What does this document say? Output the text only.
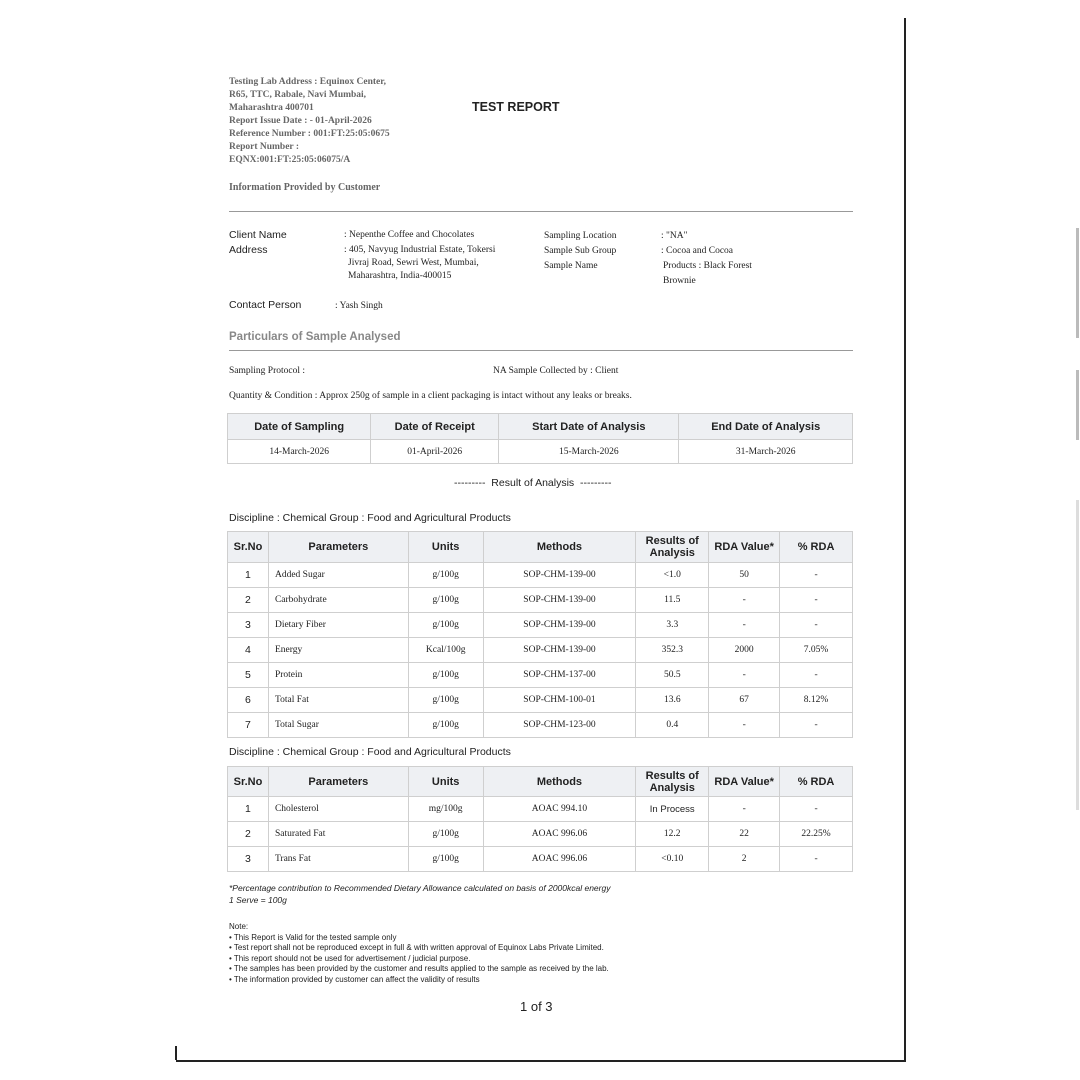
Testing Lab Address : Equinox Center,
R65, TTC, Rabale, Navi Mumbai,
Maharashtra 400701
Report Issue Date : - 01-April-2026
Reference Number : 001:FT:25:05:0675
Report Number :
EQNX:001:FT:25:05:06075/A
TEST REPORT
Information Provided by Customer
Client Name	: Nepenthe Coffee and Chocolates
Address	: 405, Navyug Industrial Estate, Tokersi
Jivraj Road, Sewri West, Mumbai,
Maharashtra, India-400015
Sampling Location	: "NA"
Sample Sub Group	: Cocoa and Cocoa
Sample Name	Products : Black Forest
Brownie
Contact Person	: Yash Singh
Particulars of Sample Analysed
Sampling Protocol :	NA Sample Collected by : Client
Quantity & Condition : Approx 250g of sample in a client packaging is intact without any leaks or breaks.
Date of Sampling	Date of Receipt	Start Date of Analysis	End Date of Analysis
14-March-2026	01-April-2026	15-March-2026	31-March-2026
---------  Result of Analysis  ---------
Discipline : Chemical Group : Food and Agricultural Products
Sr.No	Parameters	Units	Methods	Results of Analysis	RDA Value*	% RDA
1	Added Sugar	g/100g	SOP-CHM-139-00	<1.0	50	-
2	Carbohydrate	g/100g	SOP-CHM-139-00	11.5	-	-
3	Dietary Fiber	g/100g	SOP-CHM-139-00	3.3	-	-
4	Energy	Kcal/100g	SOP-CHM-139-00	352.3	2000	7.05%
5	Protein	g/100g	SOP-CHM-137-00	50.5	-	-
6	Total Fat	g/100g	SOP-CHM-100-01	13.6	67	8.12%
7	Total Sugar	g/100g	SOP-CHM-123-00	0.4	-	-
Discipline : Chemical Group : Food and Agricultural Products
Sr.No	Parameters	Units	Methods	Results of Analysis	RDA Value*	% RDA
1	Cholesterol	mg/100g	AOAC 994.10	In Process	-	-
2	Saturated Fat	g/100g	AOAC 996.06	12.2	22	22.25%
3	Trans Fat	g/100g	AOAC 996.06	<0.10	2	-
*Percentage contribution to Recommended Dietary Allowance calculated on basis of 2000kcal energy
1 Serve = 100g
Note:
• This Report is Valid for the tested sample only
• Test report shall not be reproduced except in full & with written approval of Equinox Labs Private Limited.
• This report should not be used for advertisement / judicial purpose.
• The samples has been provided by the customer and results applied to the sample as received by the lab.
• The information provided by customer can affect the validity of results
1 of 3
